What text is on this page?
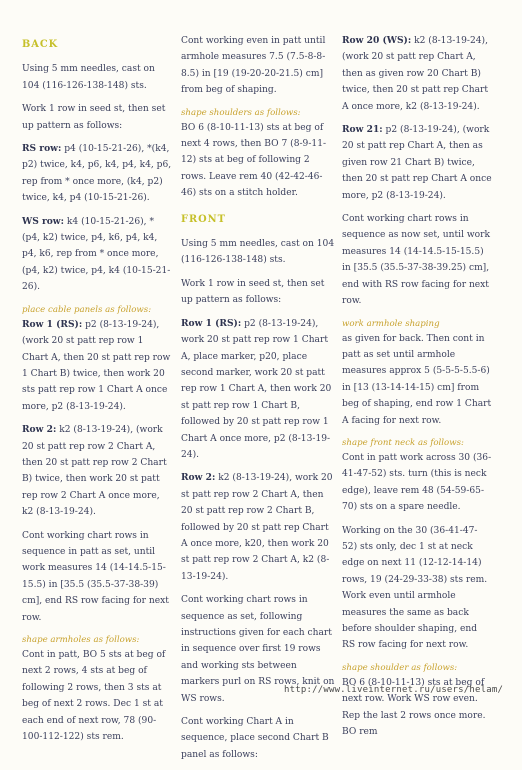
BACK

Using 5 mm needles, cast on 104 (116-126-138-148) sts.

Work 1 row in seed st, then set up pattern as follows:

RS row: p4 (10-15-21-26), *(k4, p2) twice, k4, p6, k4, p4, k4, p6, rep from * once more, (k4, p2) twice, k4, p4 (10-15-21-26).

WS row: k4 (10-15-21-26), *(p4, k2) twice, p4, k6, p4, k4, p4, k6, rep from * once more, (p4, k2) twice, p4, k4 (10-15-21-26).

place cable panels as follows:

Row 1 (RS): p2 (8-13-19-24), (work 20 st patt rep row 1 Chart A, then 20 st patt rep row 1 Chart B) twice, then work 20 sts patt rep row 1 Chart A once more, p2 (8-13-19-24).

Row 2: k2 (8-13-19-24), (work 20 st patt rep row 2 Chart A, then 20 st patt rep row 2 Chart B) twice, then work 20 st patt rep row 2 Chart A once more, k2 (8-13-19-24).

Cont working chart rows in sequence in patt as set, until work measures 14 (14-14.5-15-15.5) in [35.5 (35.5-37-38-39) cm], end RS row facing for next row.

shape armholes as follows:

Cont in patt, BO 5 sts at beg of next 2 rows, 4 sts at beg of following 2 rows, then 3 sts at beg of next 2 rows. Dec 1 st at each end of next row, 78 (90-100-112-122) sts rem.

Cont working even in patt until armhole measures 7.5 (7.5-8-8-8.5) in [19 (19-20-20-21.5) cm] from beg of shaping.

shape shoulders as follows:

BO 6 (8-10-11-13) sts at beg of next 4 rows, then BO 7 (8-9-11-12) sts at beg of following 2 rows. Leave rem 40 (42-42-46-46) sts on a stitch holder.

FRONT

Using 5 mm needles, cast on 104 (116-126-138-148) sts.

Work 1 row in seed st, then set up pattern as follows:

Row 1 (RS): p2 (8-13-19-24), work 20 st patt rep row 1 Chart A, place marker, p20, place second marker, work 20 st patt rep row 1 Chart A, then work 20 st patt rep row 1 Chart B, followed by 20 st patt rep row 1 Chart A once more, p2 (8-13-19-24).

Row 2: k2 (8-13-19-24), work 20 st patt rep row 2 Chart A, then 20 st patt rep row 2 Chart B, followed by 20 st patt rep Chart A once more, k20, then work 20 st patt rep row 2 Chart A, k2 (8-13-19-24).

Cont working chart rows in sequence as set, following instructions given for each chart in sequence over first 19 rows and working sts between markers purl on RS rows, knit on WS rows.

Cont working Chart A in sequence, place second Chart B panel as follows:

Row 20 (WS): k2 (8-13-19-24), (work 20 st patt rep Chart A, then as given row 20 Chart B) twice, then 20 st patt rep Chart A once more, k2 (8-13-19-24).

Row 21: p2 (8-13-19-24), (work 20 st patt rep Chart A, then as given row 21 Chart B) twice, then 20 st patt rep Chart A once more, p2 (8-13-19-24).

Cont working chart rows in sequence as now set, until work measures 14 (14-14.5-15-15.5) in [35.5 (35.5-37-38-39.25) cm], end with RS row facing for next row.

work armhole shaping

as given for back. Then cont in patt as set until armhole measures approx 5 (5-5-5-5.5-6) in [13 (13-14-14-15) cm] from beg of shaping, end row 1 Chart A facing for next row.

shape front neck as follows:

Cont in patt work across 30 (36-41-47-52) sts. turn (this is neck edge), leave rem 48 (54-59-65-70) sts on a spare needle.

Working on the 30 (36-41-47-52) sts only, dec 1 st at neck edge on next 11 (12-12-14-14) rows, 19 (24-29-33-38) sts rem. Work even until armhole measures the same as back before shoulder shaping, end RS row facing for next row.

shape shoulder as follows:

BO 6 (8-10-11-13) sts at beg of next row. Work WS row even. Rep the last 2 rows once more. BO rem

http://www.liveinternet.ru/users/helam/
